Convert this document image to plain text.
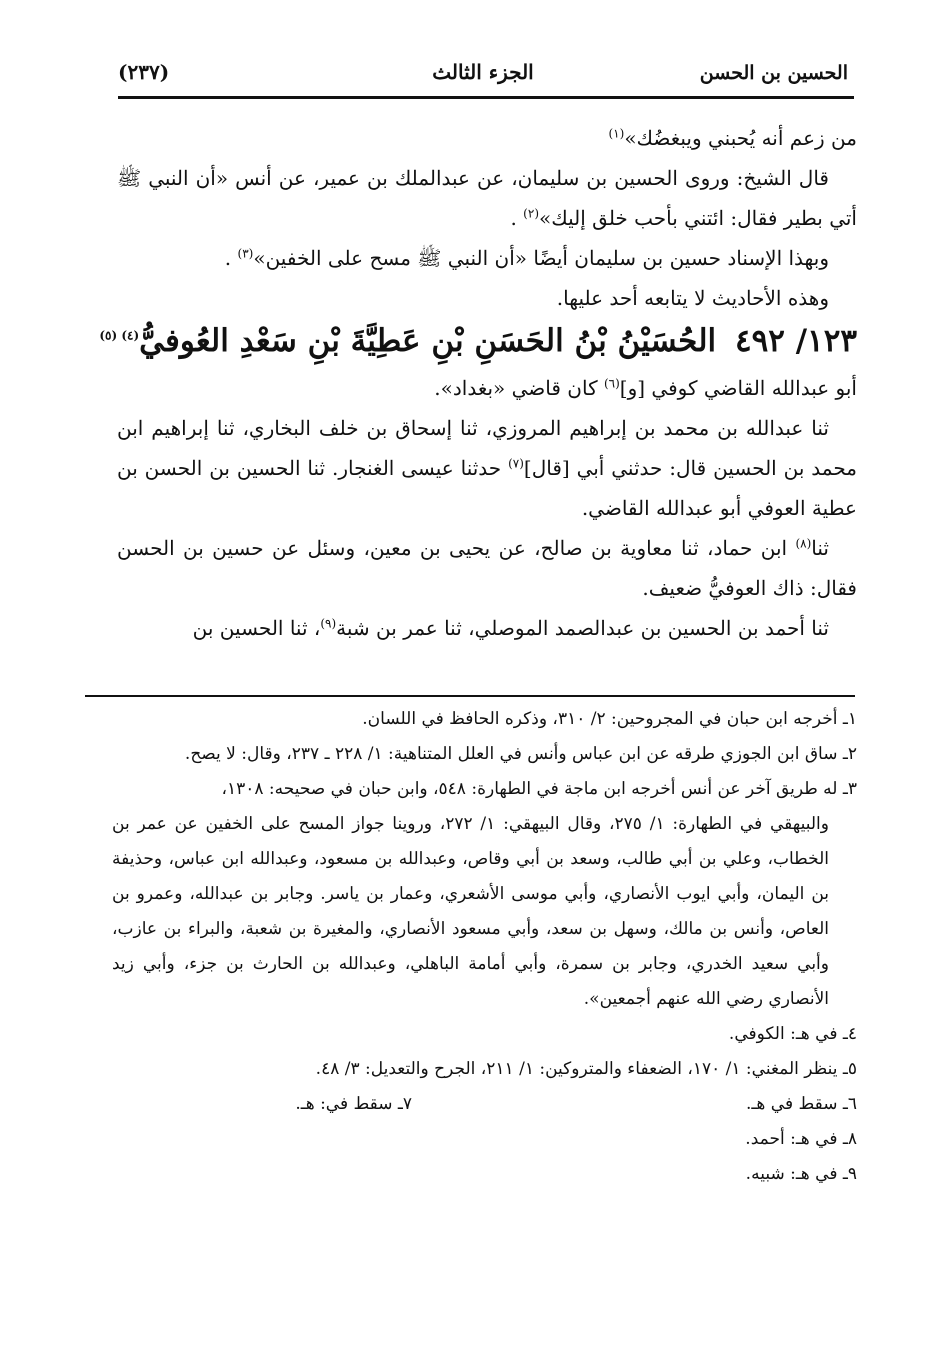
الحسين بن الحسن
الجزء الثالث
(٢٣٧)

من زعم أنه يُحبني ويبغضُك»$^{(١)}$

قال الشيخ: وروى الحسين بن سليمان، عن عبدالملك بن عمير، عن أنس «أن النبي ﷺ أتي بطير فقال: ائتني بأحب خلق إليك»$^{(٢)}$ .

وبهذا الإسناد حسين بن سليمان أيضًا «أن النبي ﷺ مسح على الخفين»$^{(٣)}$ .

وهذه الأحاديث لا يتابعه أحد عليها.

١٢٣/ ٤٩٢ الحُسَيْنُ بْنُ الحَسَنِ بْنِ عَطِيَّةَ بْنِ سَعْدِ العُوفيُّ$^{(٤) (٥)}$

أبو عبدالله القاضي كوفي [و]$^{(٦)}$ كان قاضي «بغداد».

ثنا عبدالله بن محمد بن إبراهيم المروزي، ثنا إسحاق بن خلف البخاري، ثنا إبراهيم ابن محمد بن الحسين قال: حدثني أبي [قال]$^{(٧)}$ حدثنا عيسى الغنجار. ثنا الحسين بن الحسن بن عطية العوفي أبو عبدالله القاضي.

ثنا$^{(٨)}$ ابن حماد، ثنا معاوية بن صالح، عن يحيى بن معين، وسئل عن حسين بن الحسن فقال: ذاك العوفيُّ ضعيف.

ثنا أحمد بن الحسين بن عبدالصمد الموصلي، ثنا عمر بن شبة$^{(٩)}$، ثنا الحسين بن

١ـ أخرجه ابن حبان في المجروحين: ٢/ ٣١٠، وذكره الحافظ في اللسان.

٢ـ ساق ابن الجوزي طرقه عن ابن عباس وأنس في العلل المتناهية: ١/ ٢٢٨ ـ ٢٣٧، وقال: لا يصح.

٣ـ له طريق آخر عن أنس أخرجه ابن ماجة في الطهارة: ٥٤٨، وابن حبان في صحيحه: ١٣٠٨،
والبيهقي في الطهارة: ١/ ٢٧٥، وقال البيهقي: ١/ ٢٧٢، وروينا جواز المسح على الخفين عن عمر بن الخطاب، وعلي بن أبي طالب، وسعد بن أبي وقاص، وعبدالله بن مسعود، وعبدالله ابن عباس، وحذيفة بن اليمان، وأبي ايوب الأنصاري، وأبي موسى الأشعري، وعمار بن ياسر. وجابر بن عبدالله، وعمرو بن العاص، وأنس بن مالك، وسهل بن سعد، وأبي مسعود الأنصاري، والمغيرة بن شعبة، والبراء بن عازب، وأبي سعيد الخدري، وجابر بن سمرة، وأبي أمامة الباهلي، وعبدالله بن الحارث بن جزء، وأبي زيد الأنصاري رضي الله عنهم أجمعين».

٤ـ في هـ: الكوفي.

٥ـ ينظر المغني: ١/ ١٧٠، الضعفاء والمتروكين: ١/ ٢١١، الجرح والتعديل: ٣/ ٤٨.

٦ـ سقط في هـ.
٧ـ سقط في: هـ.

٨ـ في هـ: أحمد.

٩ـ في هـ: شبيه.
